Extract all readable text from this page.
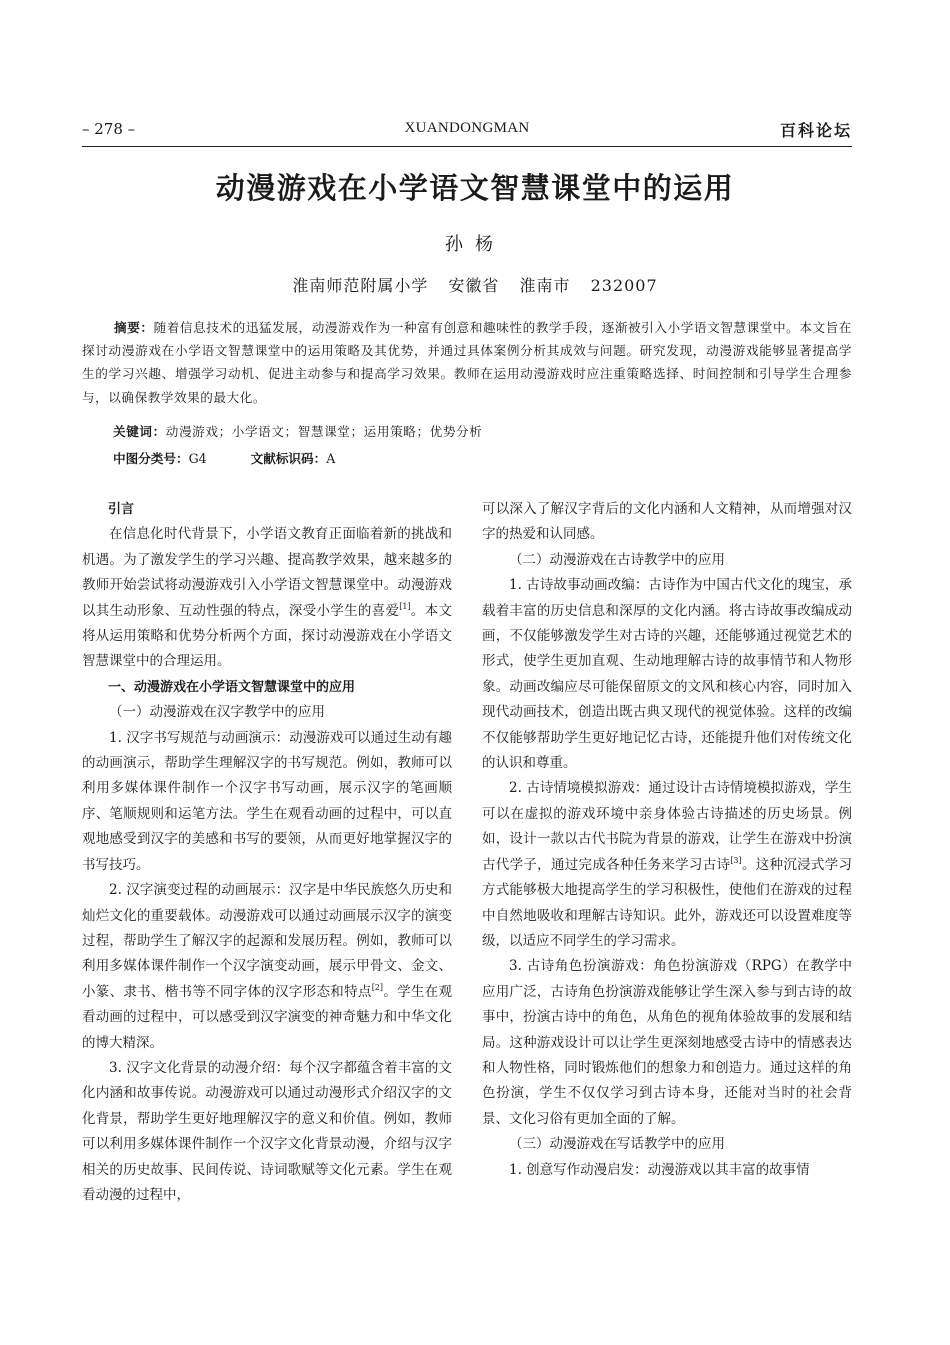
– 278 –	XUANDONGMAN	百科论坛
动漫游戏在小学语文智慧课堂中的运用
孙杨
淮南师范附属小学 安徽省 淮南市 232007
摘要：随着信息技术的迅猛发展，动漫游戏作为一种富有创意和趣味性的教学手段，逐渐被引入小学语文智慧课堂中。本文旨在探讨动漫游戏在小学语文智慧课堂中的运用策略及其优势，并通过具体案例分析其成效与问题。研究发现，动漫游戏能够显著提高学生的学习兴趣、增强学习动机、促进主动参与和提高学习效果。教师在运用动漫游戏时应注重策略选择、时间控制和引导学生合理参与，以确保教学效果的最大化。
关键词：动漫游戏；小学语文；智慧课堂；运用策略；优势分析
中图分类号：G4	文献标识码：A

引言

在信息化时代背景下，小学语文教育正面临着新的挑战和机遇。为了激发学生的学习兴趣、提高教学效果，越来越多的教师开始尝试将动漫游戏引入小学语文智慧课堂中。动漫游戏以其生动形象、互动性强的特点，深受小学生的喜爱[1]。本文将从运用策略和优势分析两个方面，探讨动漫游戏在小学语文智慧课堂中的合理运用。

一、动漫游戏在小学语文智慧课堂中的应用

（一）动漫游戏在汉字教学中的应用

1. 汉字书写规范与动画演示：动漫游戏可以通过生动有趣的动画演示，帮助学生理解汉字的书写规范。例如，教师可以利用多媒体课件制作一个汉字书写动画，展示汉字的笔画顺序、笔顺规则和运笔方法。学生在观看动画的过程中，可以直观地感受到汉字的美感和书写的要领，从而更好地掌握汉字的书写技巧。

2. 汉字演变过程的动画展示：汉字是中华民族悠久历史和灿烂文化的重要载体。动漫游戏可以通过动画展示汉字的演变过程，帮助学生了解汉字的起源和发展历程。例如，教师可以利用多媒体课件制作一个汉字演变动画，展示甲骨文、金文、小篆、隶书、楷书等不同字体的汉字形态和特点[2]。学生在观看动画的过程中，可以感受到汉字演变的神奇魅力和中华文化的博大精深。

3. 汉字文化背景的动漫介绍：每个汉字都蕴含着丰富的文化内涵和故事传说。动漫游戏可以通过动漫形式介绍汉字的文化背景，帮助学生更好地理解汉字的意义和价值。例如，教师可以利用多媒体课件制作一个汉字文化背景动漫，介绍与汉字相关的历史故事、民间传说、诗词歌赋等文化元素。学生在观看动漫的过程中，

可以深入了解汉字背后的文化内涵和人文精神，从而增强对汉字的热爱和认同感。

（二）动漫游戏在古诗教学中的应用

1. 古诗故事动画改编：古诗作为中国古代文化的瑰宝，承载着丰富的历史信息和深厚的文化内涵。将古诗故事改编成动画，不仅能够激发学生对古诗的兴趣，还能够通过视觉艺术的形式，使学生更加直观、生动地理解古诗的故事情节和人物形象。动画改编应尽可能保留原文的文风和核心内容，同时加入现代动画技术，创造出既古典又现代的视觉体验。这样的改编不仅能够帮助学生更好地记忆古诗，还能提升他们对传统文化的认识和尊重。

2. 古诗情境模拟游戏：通过设计古诗情境模拟游戏，学生可以在虚拟的游戏环境中亲身体验古诗描述的历史场景。例如，设计一款以古代书院为背景的游戏，让学生在游戏中扮演古代学子，通过完成各种任务来学习古诗[3]。这种沉浸式学习方式能够极大地提高学生的学习积极性，使他们在游戏的过程中自然地吸收和理解古诗知识。此外，游戏还可以设置难度等级，以适应不同学生的学习需求。

3. 古诗角色扮演游戏：角色扮演游戏（RPG）在教学中应用广泛，古诗角色扮演游戏能够让学生深入参与到古诗的故事中，扮演古诗中的角色，从角色的视角体验故事的发展和结局。这种游戏设计可以让学生更深刻地感受古诗中的情感表达和人物性格，同时锻炼他们的想象力和创造力。通过这样的角色扮演，学生不仅仅学习到古诗本身，还能对当时的社会背景、文化习俗有更加全面的了解。

（三）动漫游戏在写话教学中的应用

1. 创意写作动漫启发：动漫游戏以其丰富的故事情
